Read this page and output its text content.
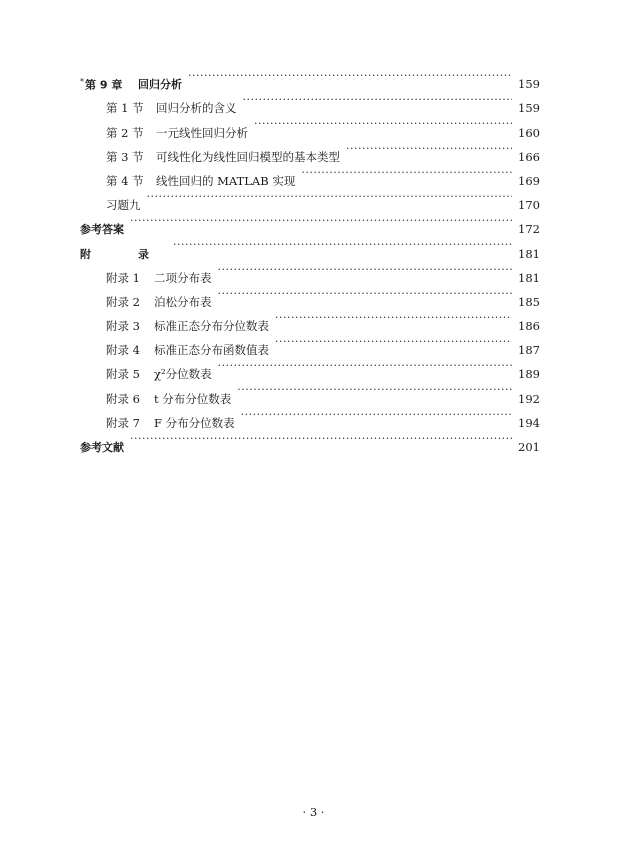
*第 9 章	回归分析 ·····	159
第 1 节	回归分析的含义 ·····	159
第 2 节	一元线性回归分析 ·····	160
第 3 节	可线性化为线性回归模型的基本类型 ·····	166
第 4 节	线性回归的 MATLAB 实现 ·····	169
习题九 ·····	170
参考答案 ·····	172
附　录 ·····	181
附录 1	二项分布表 ·····	181
附录 2	泊松分布表 ·····	185
附录 3	标准正态分布分位数表 ·····	186
附录 4	标准正态分布函数值表 ·····	187
附录 5	χ²分位数表 ·····	189
附录 6	t 分布分位数表 ·····	192
附录 7	F 分布分位数表 ·····	194
参考文献 ·····	201
· 3 ·
